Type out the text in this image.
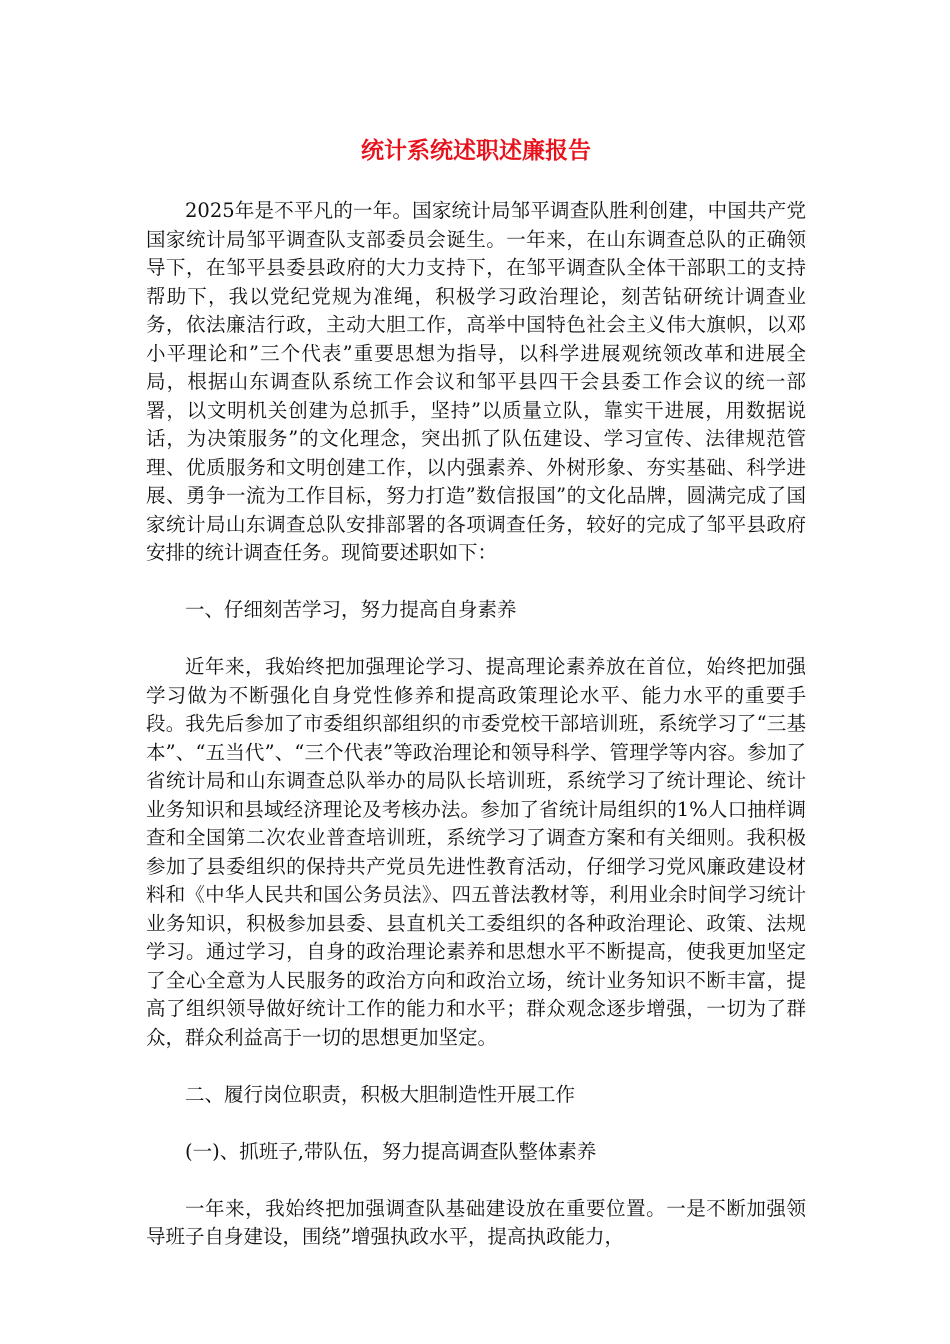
统计系统述职述廉报告

2025年是不平凡的一年。国家统计局邹平调查队胜利创建，中国共产党国家统计局邹平调查队支部委员会诞生。一年来，在山东调查总队的正确领导下，在邹平县委县政府的大力支持下，在邹平调查队全体干部职工的支持帮助下，我以党纪党规为准绳，积极学习政治理论，刻苦钻研统计调查业务，依法廉洁行政，主动大胆工作，高举中国特色社会主义伟大旗帜，以邓小平理论和”三个代表”重要思想为指导，以科学进展观统领改革和进展全局，根据山东调查队系统工作会议和邹平县四干会县委工作会议的统一部署，以文明机关创建为总抓手，坚持”以质量立队，靠实干进展，用数据说话，为决策服务”的文化理念，突出抓了队伍建设、学习宣传、法律规范管理、优质服务和文明创建工作，以内强素养、外树形象、夯实基础、科学进展、勇争一流为工作目标，努力打造”数信报国”的文化品牌，圆满完成了国家统计局山东调查总队安排部署的各项调查任务，较好的完成了邹平县政府安排的统计调查任务。现简要述职如下：

一、仔细刻苦学习，努力提高自身素养

近年来，我始终把加强理论学习、提高理论素养放在首位，始终把加强学习做为不断强化自身党性修养和提高政策理论水平、能力水平的重要手段。我先后参加了市委组织部组织的市委党校干部培训班，系统学习了“三基本”、“五当代”、“三个代表”等政治理论和领导科学、管理学等内容。参加了省统计局和山东调查总队举办的局队长培训班，系统学习了统计理论、统计业务知识和县域经济理论及考核办法。参加了省统计局组织的1%人口抽样调查和全国第二次农业普查培训班，系统学习了调查方案和有关细则。我积极参加了县委组织的保持共产党员先进性教育活动，仔细学习党风廉政建设材料和《中华人民共和国公务员法》、四五普法教材等，利用业余时间学习统计业务知识，积极参加县委、县直机关工委组织的各种政治理论、政策、法规学习。通过学习，自身的政治理论素养和思想水平不断提高，使我更加坚定了全心全意为人民服务的政治方向和政治立场，统计业务知识不断丰富，提高了组织领导做好统计工作的能力和水平；群众观念逐步增强，一切为了群众，群众利益高于一切的思想更加坚定。

二、履行岗位职责，积极大胆制造性开展工作

(一)、抓班子,带队伍，努力提高调查队整体素养

一年来，我始终把加强调查队基础建设放在重要位置。一是不断加强领导班子自身建设，围绕”增强执政水平，提高执政能力，
